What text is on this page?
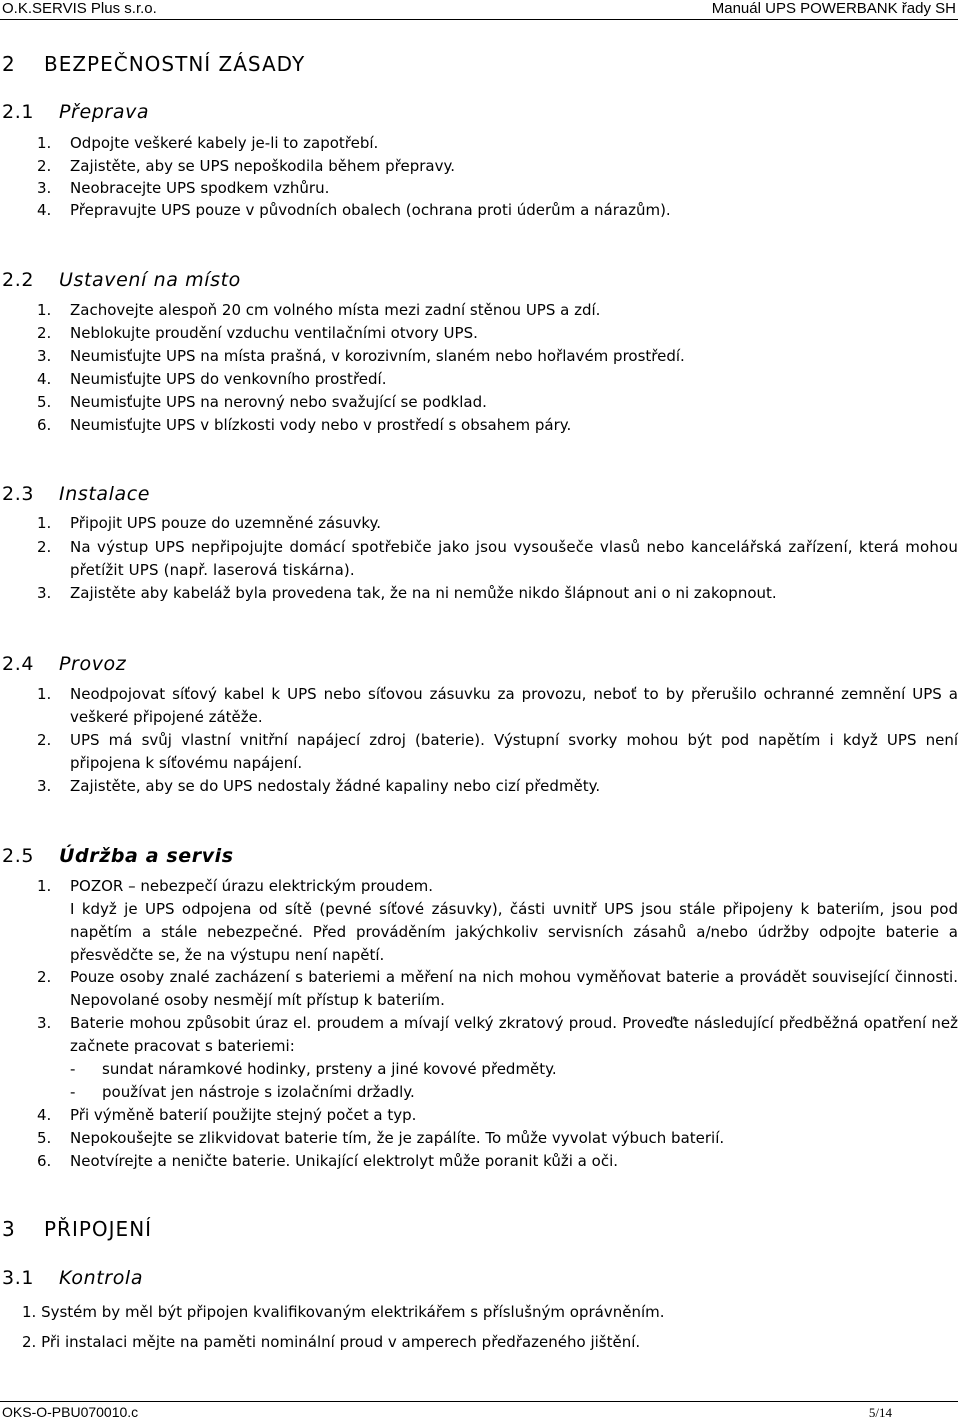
O.K.SERVIS Plus s.r.o.	Manuál UPS POWERBANK řady SH
2 BEZPEČNOSTNÍ ZÁSADY
2.1 Přeprava
1. Odpojte veškeré kabely je-li to zapotřebí.
2. Zajistěte, aby se UPS nepoškodila během přepravy.
3. Neobracejte UPS spodkem vzhůru.
4. Přepravujte UPS pouze v původních obalech (ochrana proti úderům a nárazům).
2.2 Ustavení na místo
1. Zachovejte alespoň 20 cm volného místa mezi zadní stěnou UPS a zdí.
2. Neblokujte proudění vzduchu ventilačními otvory UPS.
3. Neumisťujte UPS na místa prašná, v korozivním, slaném nebo hořlavém prostředí.
4. Neumisťujte UPS do venkovního prostředí.
5. Neumisťujte UPS na nerovný nebo svažující se podklad.
6. Neumisťujte UPS v blízkosti vody nebo v prostředí s obsahem páry.
2.3 Instalace
1. Připojit UPS pouze do uzemněné zásuvky.
2. Na výstup UPS nepřipojujte domácí spotřebiče jako jsou vysoušeče vlasů nebo kancelářská zařízení, která mohou přetížit UPS (např. laserová tiskárna).
3. Zajistěte aby kabeláž byla provedena tak, že na ni nemůže nikdo šlápnout ani o ni zakopnout.
2.4 Provoz
1. Neodpojovat síťový kabel k UPS nebo síťovou zásuvku za provozu, neboť to by přerušilo ochranné zemnění UPS a veškeré připojené zátěže.
2. UPS má svůj vlastní vnitřní napájecí zdroj (baterie). Výstupní svorky mohou být pod napětím i když UPS není připojena k síťovému napájení.
3. Zajistěte, aby se do UPS nedostaly žádné kapaliny nebo cizí předměty.
2.5 Údržba a servis
1. POZOR – nebezpečí úrazu elektrickým proudem.
I když je UPS odpojena od sítě (pevné síťové zásuvky), části uvnitř UPS jsou stále připojeny k bateriím, jsou pod napětím a stále nebezpečné. Před prováděním jakýchkoliv servisních zásahů a/nebo údržby odpojte baterie a přesvědčte se, že na výstupu není napětí.
2. Pouze osoby znalé zacházení s bateriemi a měření na nich mohou vyměňovat baterie a provádět související činnosti. Nepovolané osoby nesmějí mít přístup k bateriím.
3. Baterie mohou způsobit úraz el. proudem a mívají velký zkratový proud. Proveďte následující předběžná opatření než začnete pracovat s bateriemi:
- sundat náramkové hodinky, prsteny a jiné kovové předměty.
- používat jen nástroje s izolačními držadly.
4. Při výměně baterií použijte stejný počet a typ.
5. Nepokoušejte se zlikvidovat baterie tím, že je zapálíte. To může vyvolat výbuch baterií.
6. Neotvírejte a neničte baterie. Unikající elektrolyt může poranit kůži a oči.
3 PŘIPOJENÍ
3.1 Kontrola
1. Systém by měl být připojen kvalifikovaným elektrikářem s příslušným oprávněním.
2. Při instalaci mějte na paměti nominální proud v amperech předřazeného jištění.
OKS-O-PBU070010.c	5/14
